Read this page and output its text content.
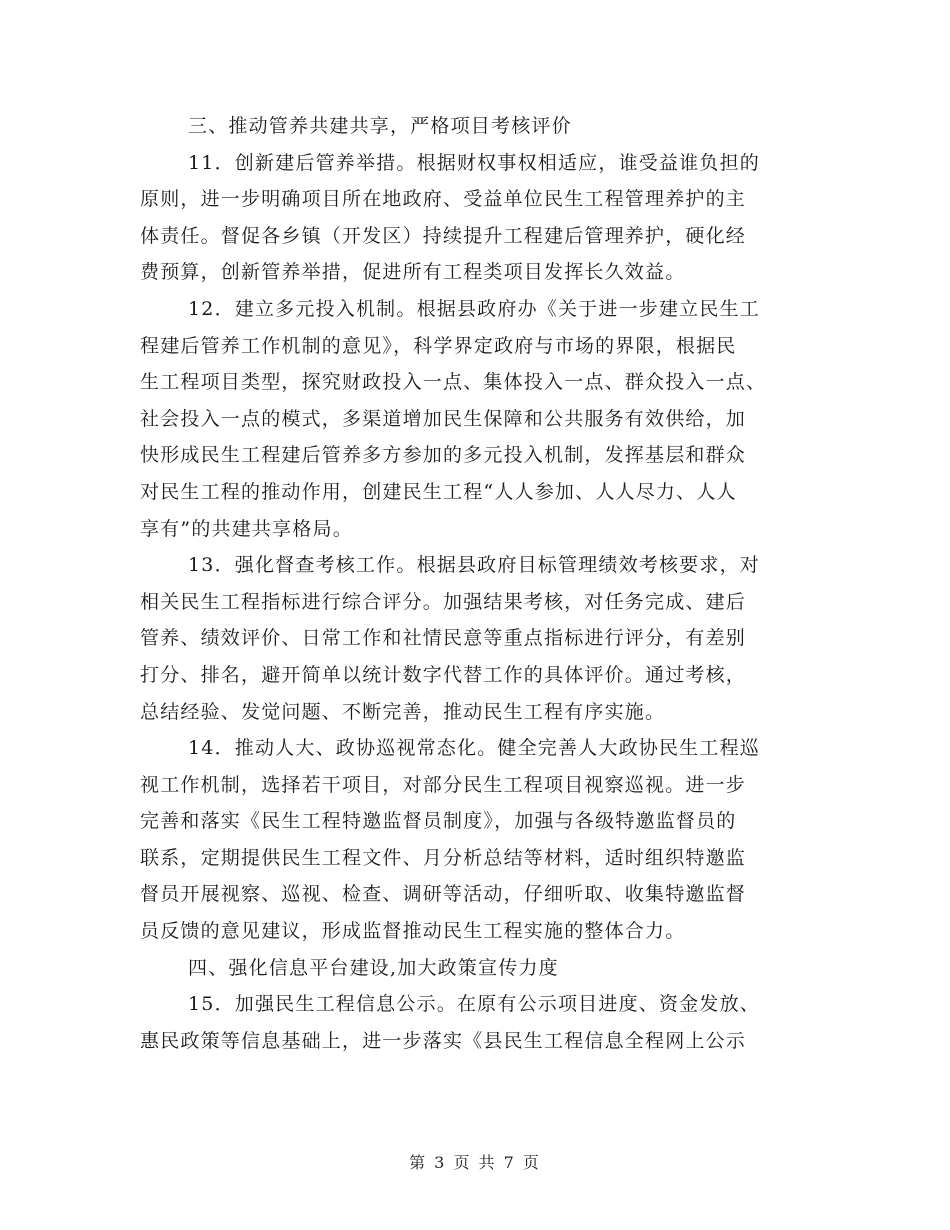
三、推动管养共建共享，严格项目考核评价
11．创新建后管养举措。根据财权事权相适应，谁受益谁负担的
原则，进一步明确项目所在地政府、受益单位民生工程管理养护的主
体责任。督促各乡镇（开发区）持续提升工程建后管理养护，硬化经
费预算，创新管养举措，促进所有工程类项目发挥长久效益。
12．建立多元投入机制。根据县政府办《关于进一步建立民生工
程建后管养工作机制的意见》，科学界定政府与市场的界限，根据民
生工程项目类型，探究财政投入一点、集体投入一点、群众投入一点、
社会投入一点的模式，多渠道增加民生保障和公共服务有效供给，加
快形成民生工程建后管养多方参加的多元投入机制，发挥基层和群众
对民生工程的推动作用，创建民生工程“人人参加、人人尽力、人人
享有”的共建共享格局。
13．强化督查考核工作。根据县政府目标管理绩效考核要求，对
相关民生工程指标进行综合评分。加强结果考核，对任务完成、建后
管养、绩效评价、日常工作和社情民意等重点指标进行评分，有差别
打分、排名，避开简单以统计数字代替工作的具体评价。通过考核，
总结经验、发觉问题、不断完善，推动民生工程有序实施。
14．推动人大、政协巡视常态化。健全完善人大政协民生工程巡
视工作机制，选择若干项目，对部分民生工程项目视察巡视。进一步
完善和落实《民生工程特邀监督员制度》，加强与各级特邀监督员的
联系，定期提供民生工程文件、月分析总结等材料，适时组织特邀监
督员开展视察、巡视、检查、调研等活动，仔细听取、收集特邀监督
员反馈的意见建议，形成监督推动民生工程实施的整体合力。
四、强化信息平台建设,加大政策宣传力度
15．加强民生工程信息公示。在原有公示项目进度、资金发放、
惠民政策等信息基础上，进一步落实《县民生工程信息全程网上公示
第 3 页 共 7 页
